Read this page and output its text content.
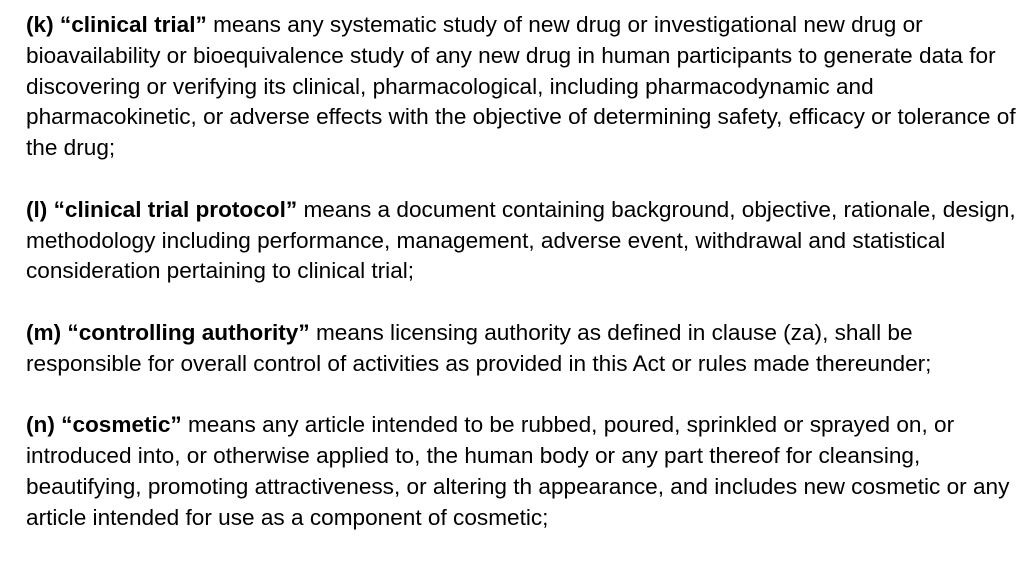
(k) “clinical trial” means any systematic study of new drug or investigational new drug or bioavailability or bioequivalence study of any new drug in human participants to generate data for discovering or verifying its clinical, pharmacological, including pharmacodynamic and pharmacokinetic, or adverse effects with the objective of determining safety, efficacy or tolerance of the drug;

(l) “clinical trial protocol” means a document containing background, objective, rationale, design, methodology including performance, management, adverse event, withdrawal and statistical consideration pertaining to clinical trial;

(m) “controlling authority” means licensing authority as defined in clause (za), shall be responsible for overall control of activities as provided in this Act or rules made thereunder;

(n) “cosmetic” means any article intended to be rubbed, poured, sprinkled or sprayed on, or introduced into, or otherwise applied to, the human body or any part thereof for cleansing, beautifying, promoting attractiveness, or altering th appearance, and includes new cosmetic or any article intended for use as a component of cosmetic;
